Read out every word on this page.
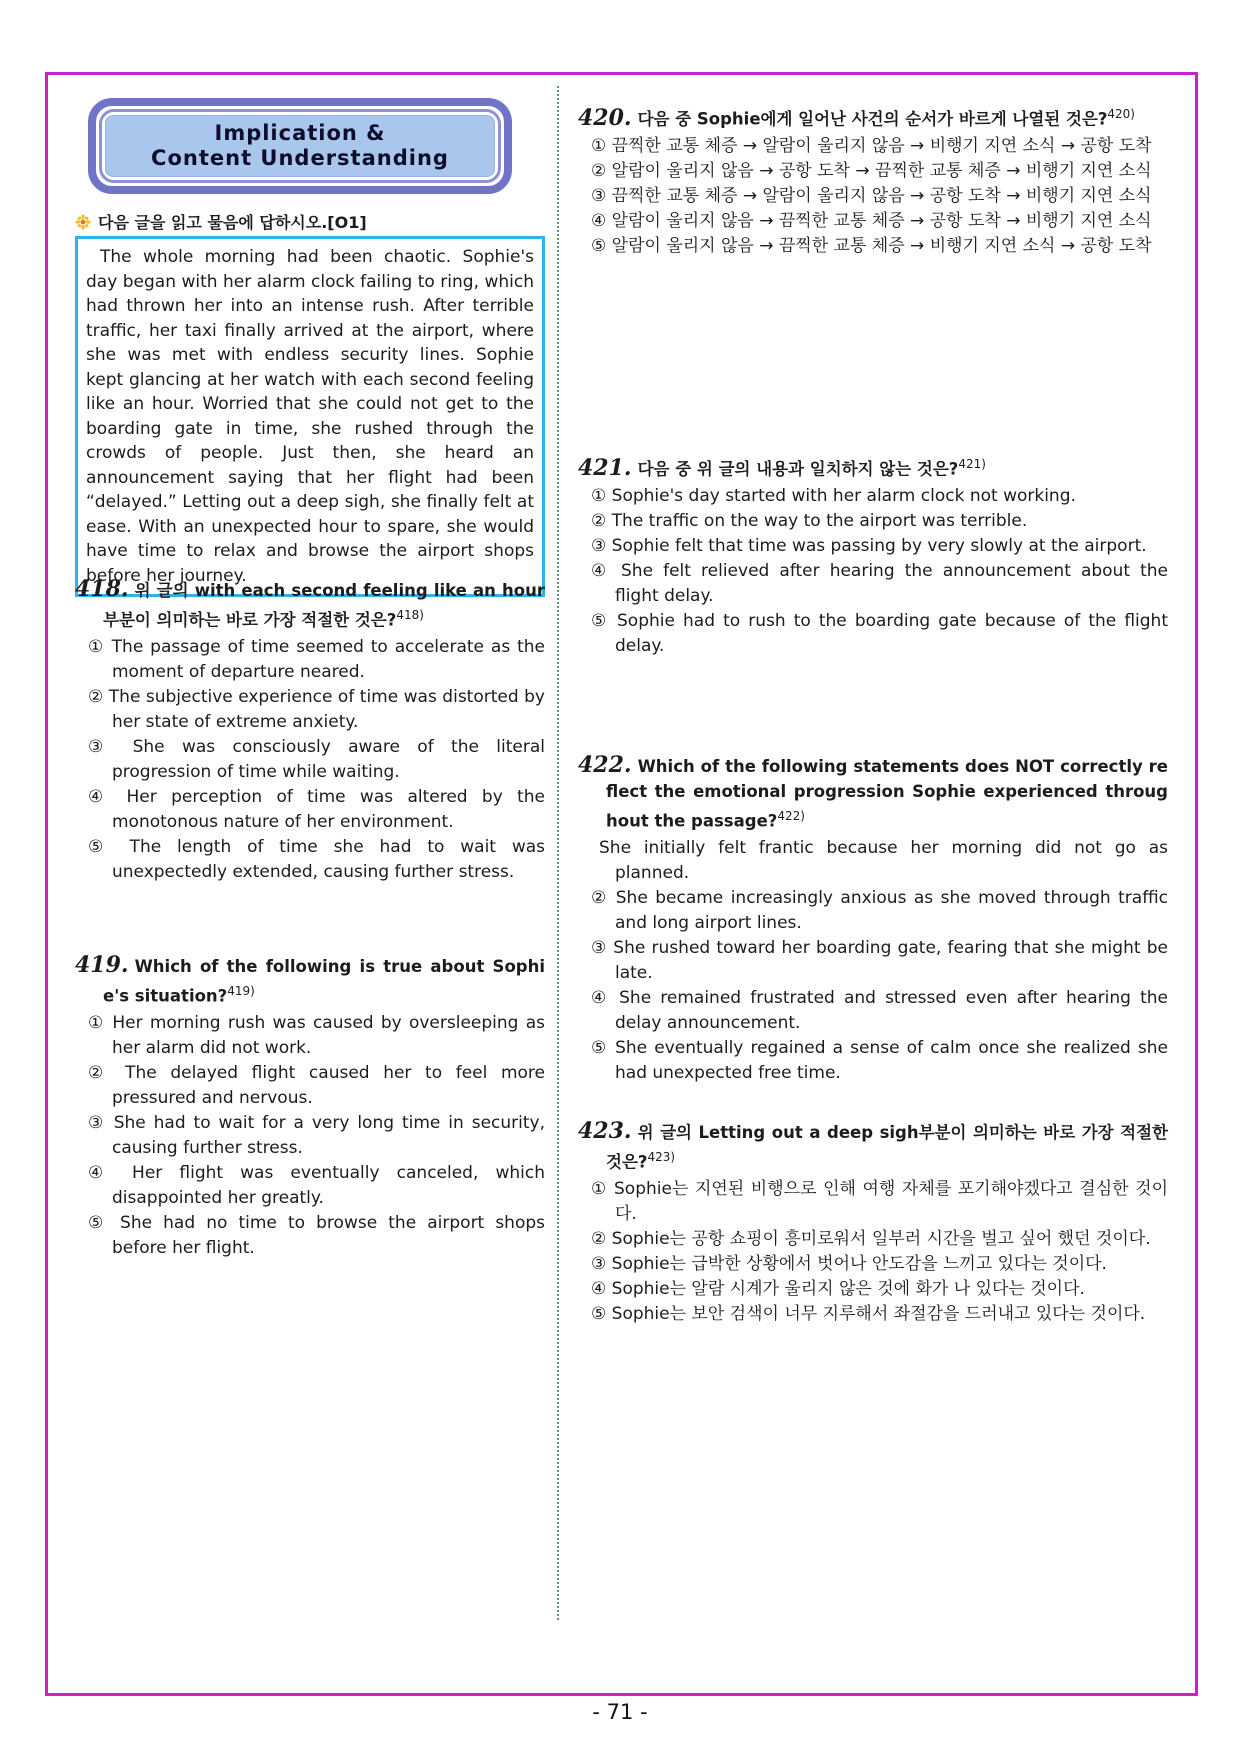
Implication &
Content Understanding
다음 글을 읽고 물음에 답하시오.[O1]
The whole morning had been chaotic. Sophie's day began with her alarm clock failing to ring, which had thrown her into an intense rush. After terrible traffic, her taxi finally arrived at the airport, where she was met with endless security lines. Sophie kept glancing at her watch with each second feeling like an hour. Worried that she could not get to the boarding gate in time, she rushed through the crowds of people. Just then, she heard an announcement saying that her flight had been “delayed.” Letting out a deep sigh, she finally felt at ease. With an unexpected hour to spare, she would have time to relax and browse the airport shops before her journey.
418. 위 글의 with each second feeling like an hour부분이 의미하는 바로 가장 적절한 것은?$^{418)}$
① The passage of time seemed to accelerate as the moment of departure neared.
② The subjective experience of time was distorted by her state of extreme anxiety.
③ She was consciously aware of the literal progression of time while waiting.
④ Her perception of time was altered by the monotonous nature of her environment.
⑤ The length of time she had to wait was unexpectedly extended, causing further stress.
419. Which of the following is true about Sophie's situation?$^{419)}$
① Her morning rush was caused by oversleeping as her alarm did not work.
② The delayed flight caused her to feel more pressured and nervous.
③ She had to wait for a very long time in security, causing further stress.
④ Her flight was eventually canceled, which disappointed her greatly.
⑤ She had no time to browse the airport shops before her flight.
420. 다음 중 Sophie에게 일어난 사건의 순서가 바르게 나열된 것은?$^{420)}$
① 끔찍한 교통 체증 → 알람이 울리지 않음 → 비행기 지연 소식 → 공항 도착
② 알람이 울리지 않음 → 공항 도착 → 끔찍한 교통 체증 → 비행기 지연 소식
③ 끔찍한 교통 체증 → 알람이 울리지 않음 → 공항 도착 → 비행기 지연 소식
④ 알람이 울리지 않음 → 끔찍한 교통 체증 → 공항 도착 → 비행기 지연 소식
⑤ 알람이 울리지 않음 → 끔찍한 교통 체증 → 비행기 지연 소식 → 공항 도착
421. 다음 중 위 글의 내용과 일치하지 않는 것은?$^{421)}$
① Sophie's day started with her alarm clock not working.
② The traffic on the way to the airport was terrible.
③ Sophie felt that time was passing by very slowly at the airport.
④ She felt relieved after hearing the announcement about the flight delay.
⑤ Sophie had to rush to the boarding gate because of the flight delay.
422. Which of the following statements does NOT correctly reflect the emotional progression Sophie experienced throughout the passage?$^{422)}$
She initially felt frantic because her morning did not go as planned.
② She became increasingly anxious as she moved through traffic and long airport lines.
③ She rushed toward her boarding gate, fearing that she might be late.
④ She remained frustrated and stressed even after hearing the delay announcement.
⑤ She eventually regained a sense of calm once she realized she had unexpected free time.
423. 위 글의 Letting out a deep sigh부분이 의미하는 바로 가장 적절한 것은?$^{423)}$
① Sophie는 지연된 비행으로 인해 여행 자체를 포기해야겠다고 결심한 것이다.
② Sophie는 공항 쇼핑이 흥미로워서 일부러 시간을 벌고 싶어 했던 것이다.
③ Sophie는 급박한 상황에서 벗어나 안도감을 느끼고 있다는 것이다.
④ Sophie는 알람 시계가 울리지 않은 것에 화가 나 있다는 것이다.
⑤ Sophie는 보안 검색이 너무 지루해서 좌절감을 드러내고 있다는 것이다.
- 71 -
